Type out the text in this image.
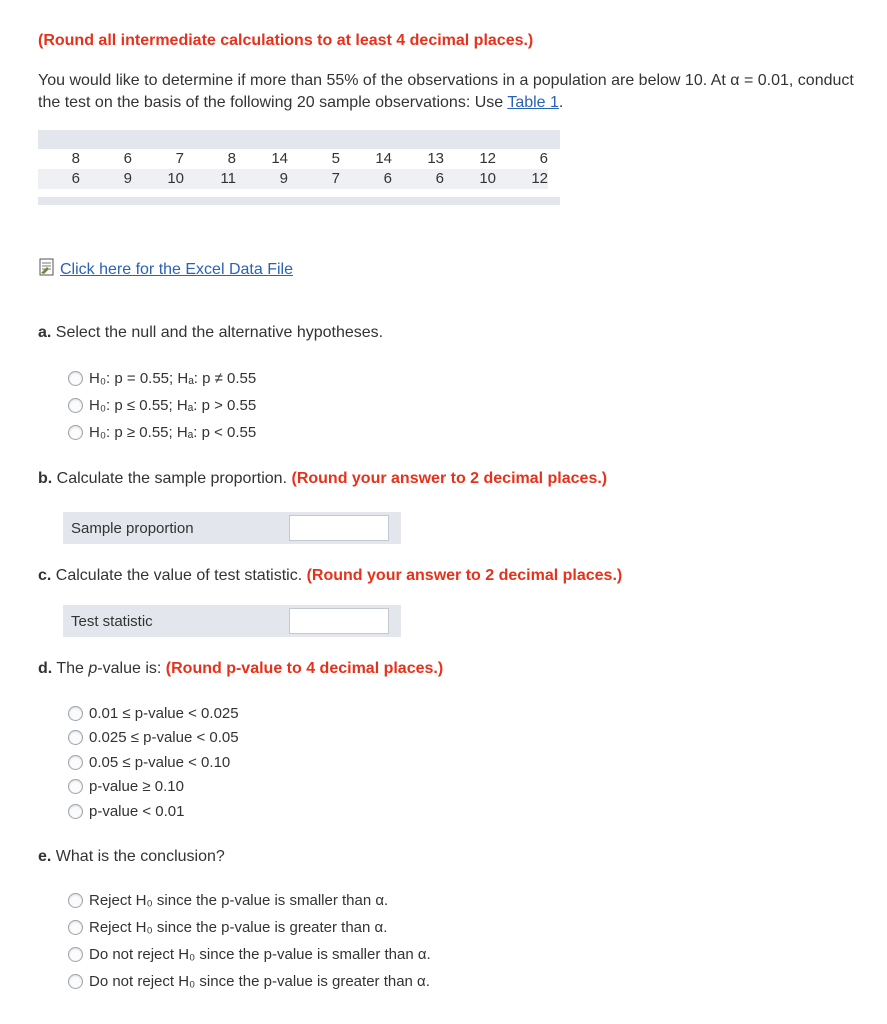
(Round all intermediate calculations to at least 4 decimal places.)
You would like to determine if more than 55% of the observations in a population are below 10. At α = 0.01, conduct the test on the basis of the following 20 sample observations: Use Table 1.
8	6	7	8	14	5	14	13	12	6
6	9	10	11	9	7	6	6	10	12
Click here for the Excel Data File
a. Select the null and the alternative hypotheses.
H₀: p = 0.55; Hₐ: p ≠ 0.55
H₀: p ≤ 0.55; Hₐ: p > 0.55
H₀: p ≥ 0.55; Hₐ: p < 0.55
b. Calculate the sample proportion. (Round your answer to 2 decimal places.)
Sample proportion
c. Calculate the value of test statistic. (Round your answer to 2 decimal places.)
Test statistic
d. The p-value is: (Round p-value to 4 decimal places.)
0.01 ≤ p-value < 0.025
0.025 ≤ p-value < 0.05
0.05 ≤ p-value < 0.10
p-value ≥ 0.10
p-value < 0.01
e. What is the conclusion?
Reject H₀ since the p-value is smaller than α.
Reject H₀ since the p-value is greater than α.
Do not reject H₀ since the p-value is smaller than α.
Do not reject H₀ since the p-value is greater than α.
